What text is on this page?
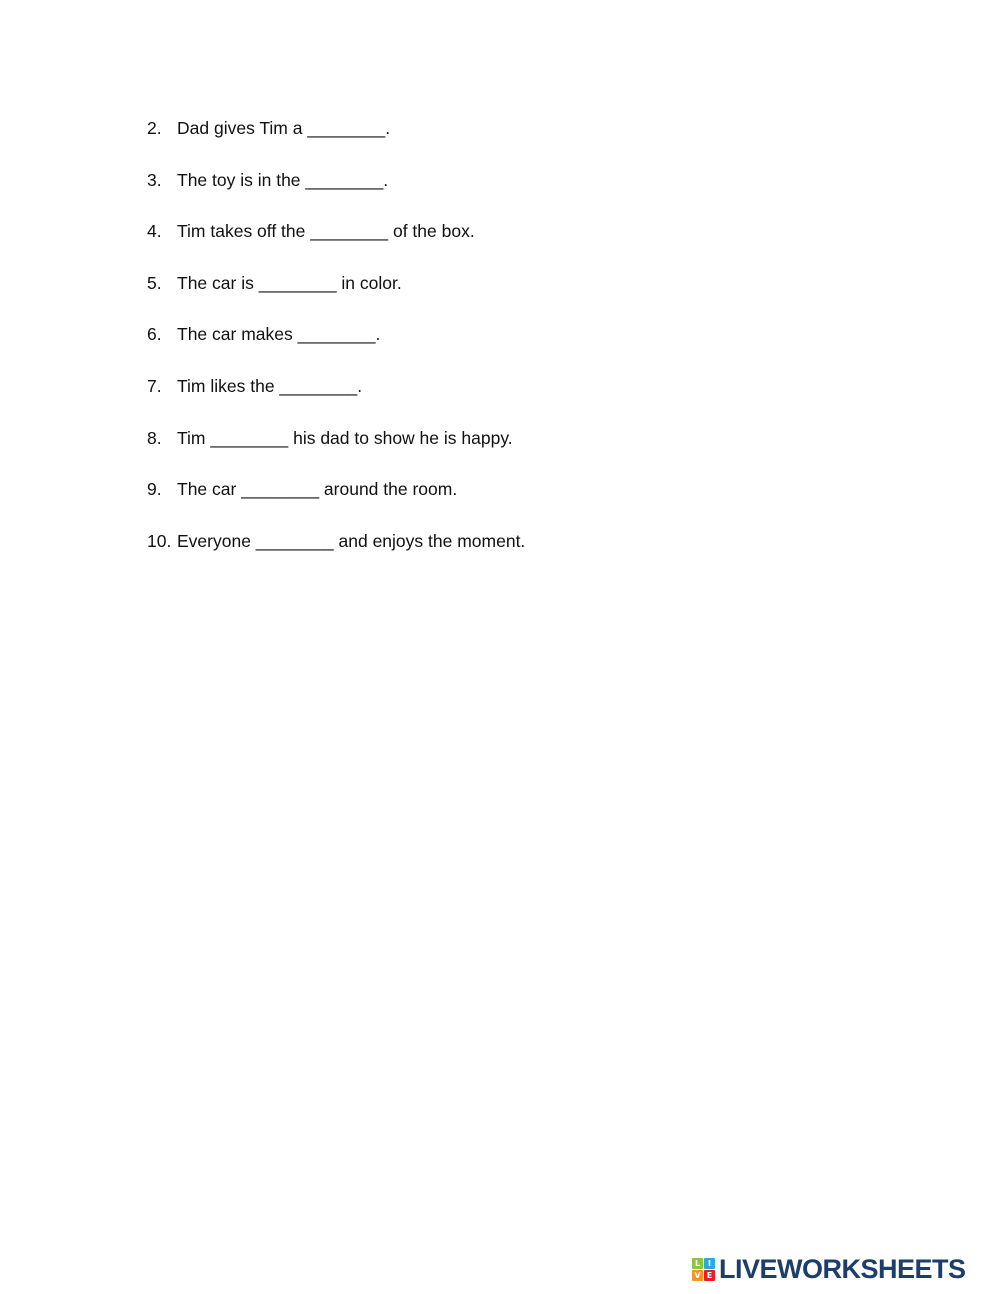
2. Dad gives Tim a ________.
3. The toy is in the ________.
4. Tim takes off the ________ of the box.
5. The car is ________ in color.
6. The car makes ________.
7. Tim likes the ________.
8. Tim ________ his dad to show he is happy.
9. The car ________ around the room.
10. Everyone ________ and enjoys the moment.
L I
V E LIVEWORKSHEETS
